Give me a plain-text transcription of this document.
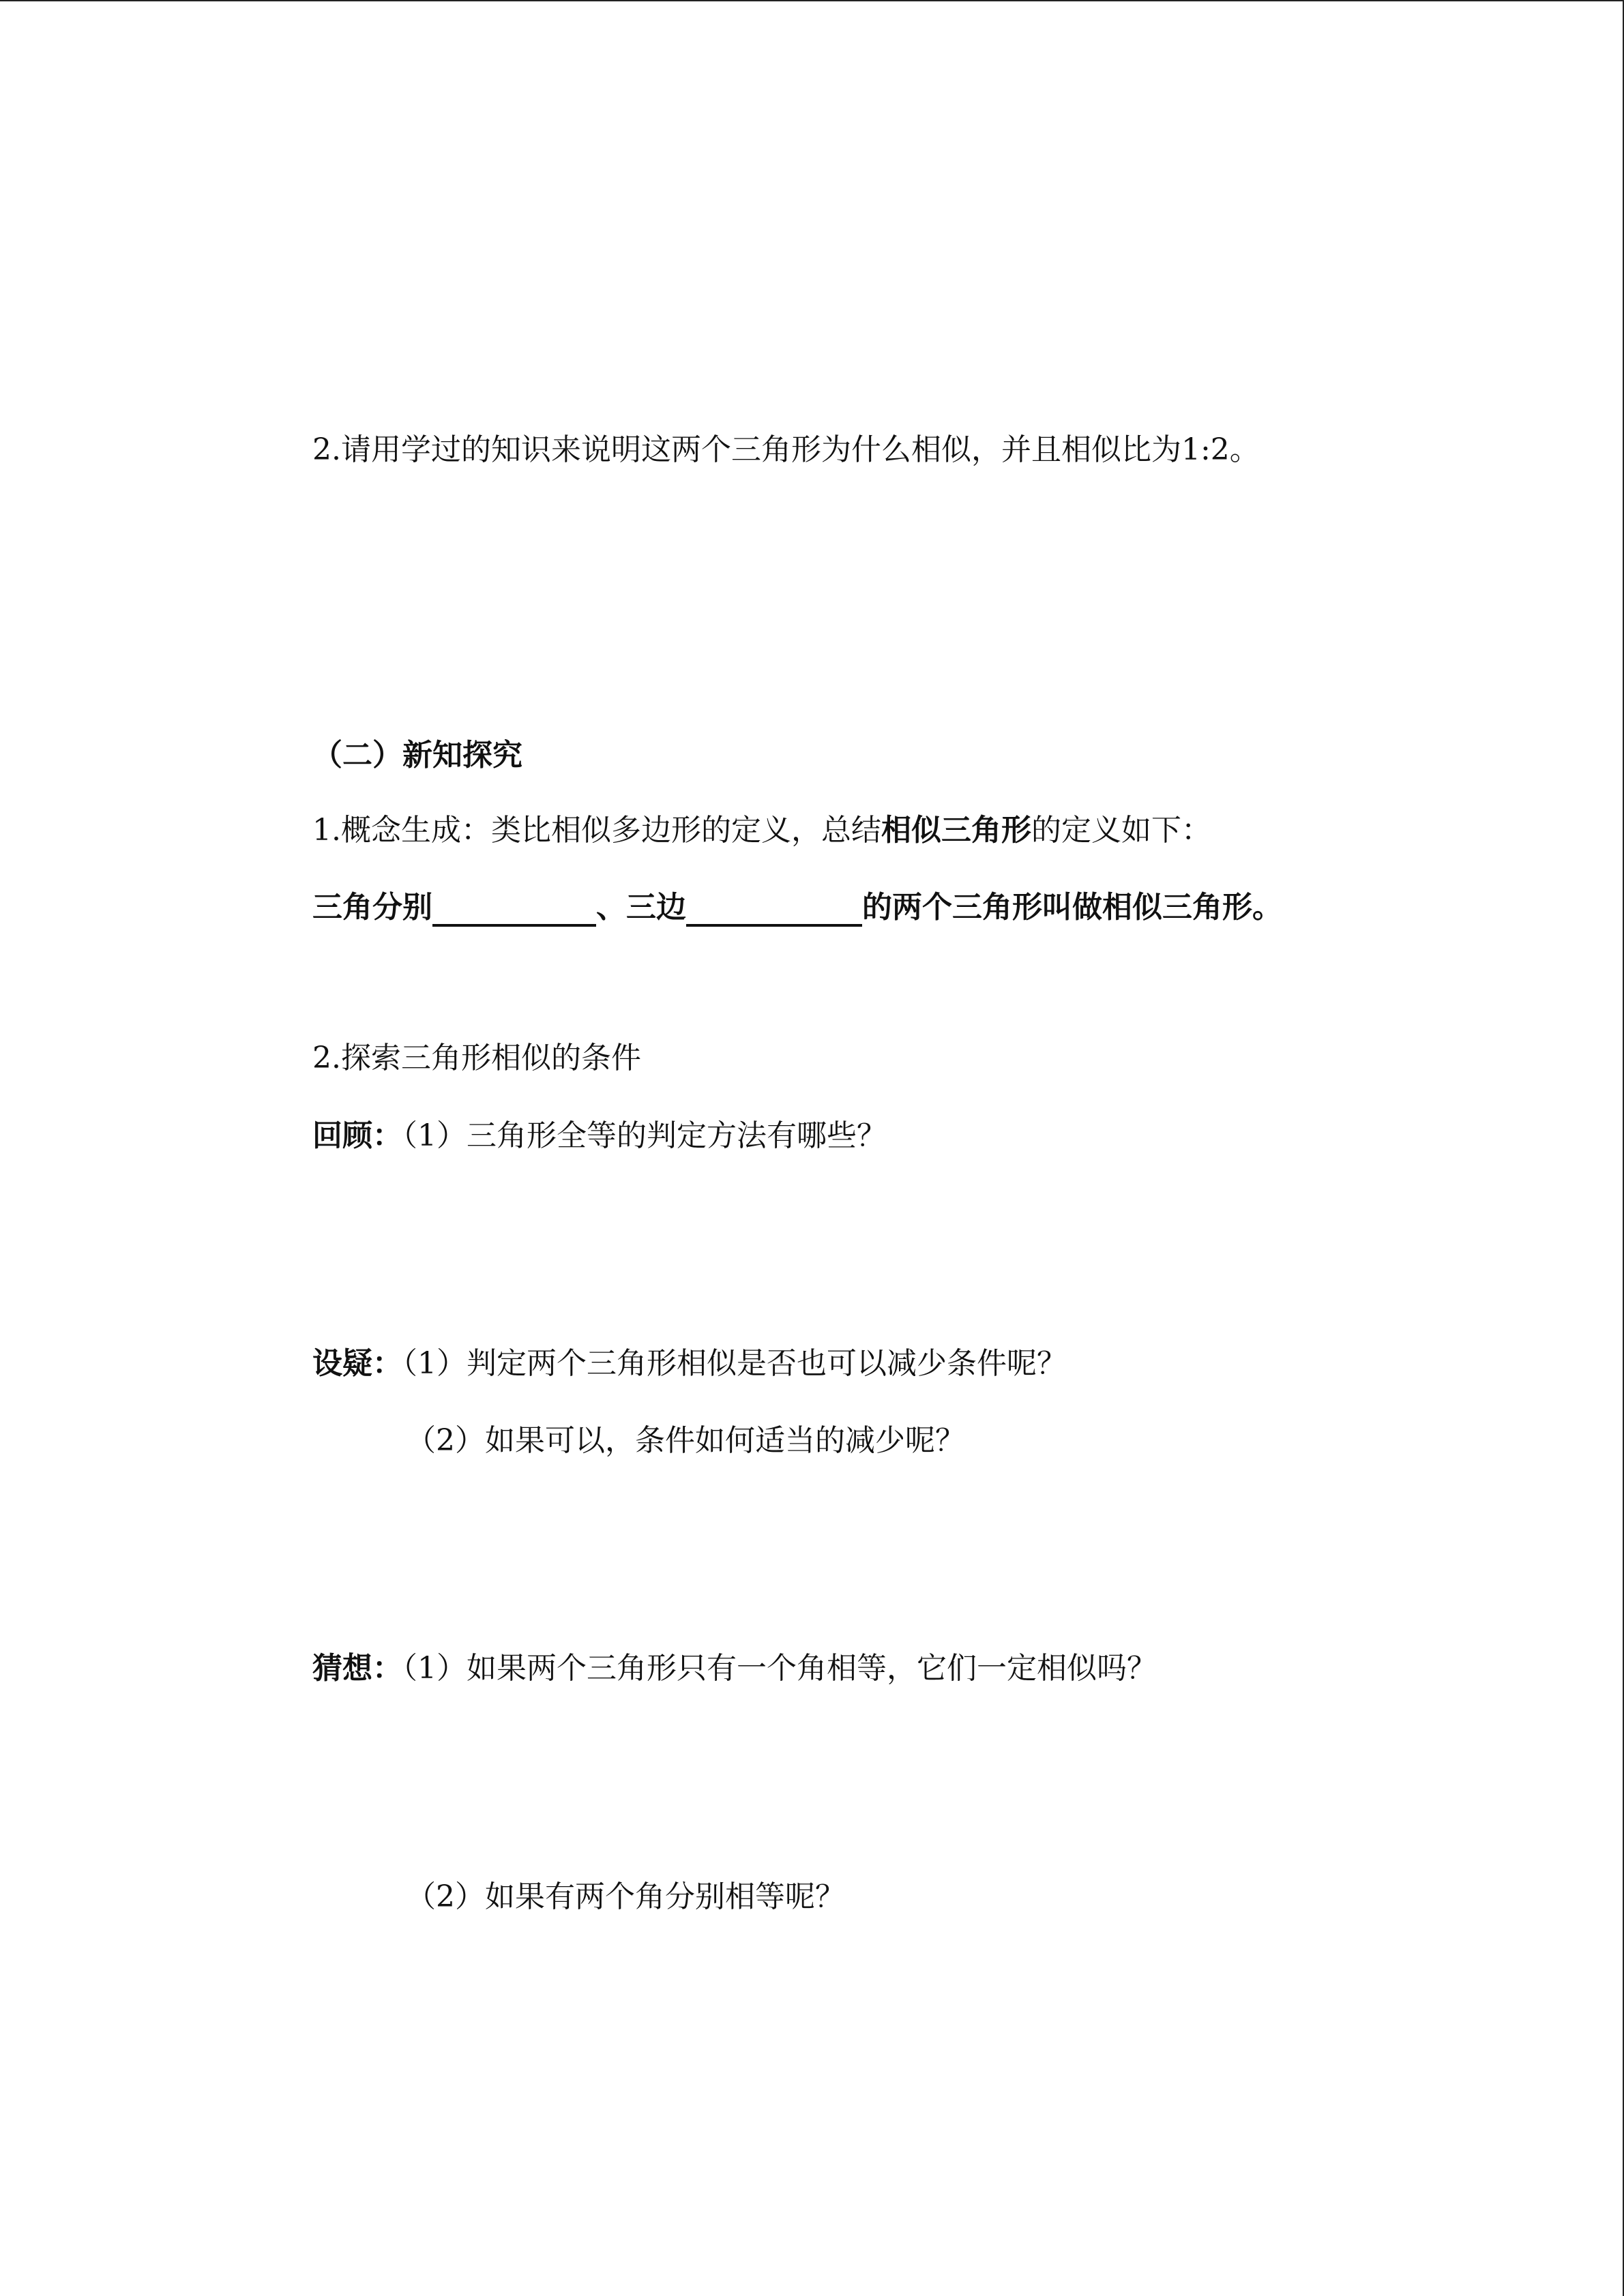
2.请用学过的知识来说明这两个三角形为什么相似，并且相似比为1:2。
（二）新知探究
1.概念生成：类比相似多边形的定义，总结相似三角形的定义如下：
三角分别	、三边	的两个三角形叫做相似三角形。
2.探索三角形相似的条件
回顾：（1）三角形全等的判定方法有哪些？
设疑：（1）判定两个三角形相似是否也可以减少条件呢？
（2）如果可以，条件如何适当的减少呢？
猜想：（1）如果两个三角形只有一个角相等，它们一定相似吗？
（2）如果有两个角分别相等呢？
